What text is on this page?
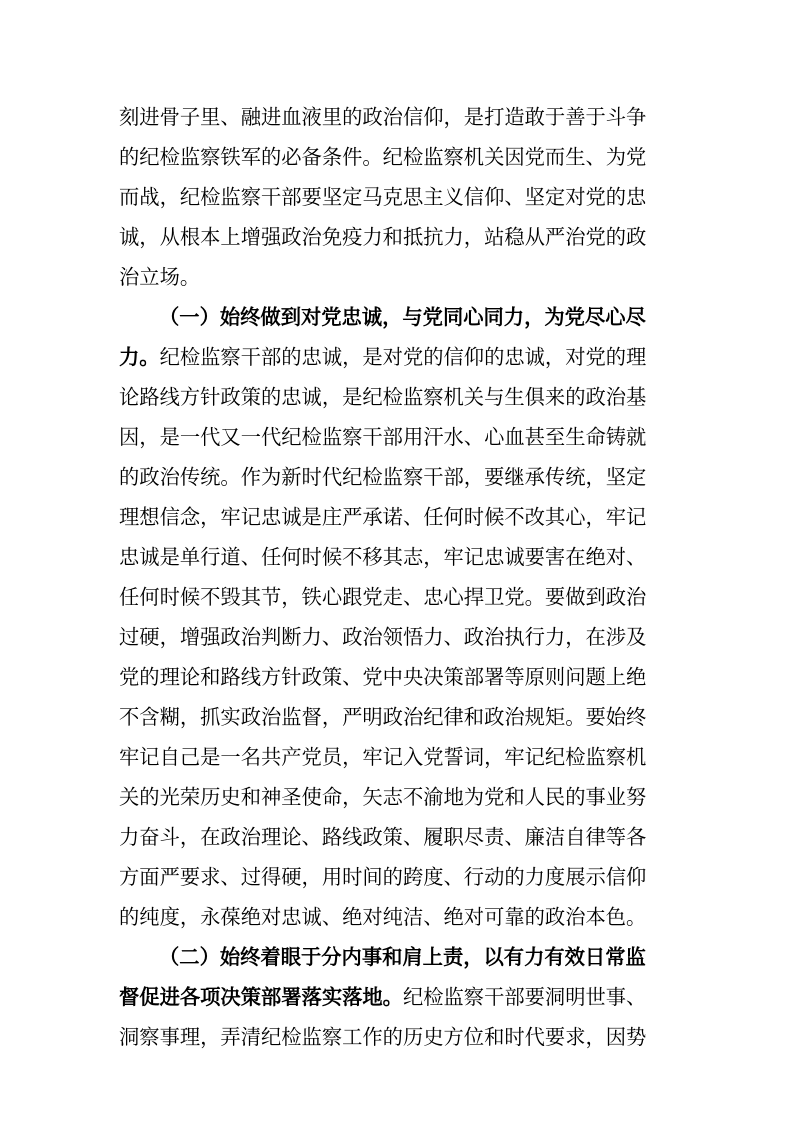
刻进骨子里、融进血液里的政治信仰，是打造敢于善于斗争
的纪检监察铁军的必备条件。纪检监察机关因党而生、为党
而战，纪检监察干部要坚定马克思主义信仰、坚定对党的忠
诚，从根本上增强政治免疫力和抵抗力，站稳从严治党的政
治立场。
（一）始终做到对党忠诚，与党同心同力，为党尽心尽
力。纪检监察干部的忠诚，是对党的信仰的忠诚，对党的理
论路线方针政策的忠诚，是纪检监察机关与生俱来的政治基
因，是一代又一代纪检监察干部用汗水、心血甚至生命铸就
的政治传统。作为新时代纪检监察干部，要继承传统，坚定
理想信念，牢记忠诚是庄严承诺、任何时候不改其心，牢记
忠诚是单行道、任何时候不移其志，牢记忠诚要害在绝对、
任何时候不毁其节，铁心跟党走、忠心捍卫党。要做到政治
过硬，增强政治判断力、政治领悟力、政治执行力，在涉及
党的理论和路线方针政策、党中央决策部署等原则问题上绝
不含糊，抓实政治监督，严明政治纪律和政治规矩。要始终
牢记自己是一名共产党员，牢记入党誓词，牢记纪检监察机
关的光荣历史和神圣使命，矢志不渝地为党和人民的事业努
力奋斗，在政治理论、路线政策、履职尽责、廉洁自律等各
方面严要求、过得硬，用时间的跨度、行动的力度展示信仰
的纯度，永葆绝对忠诚、绝对纯洁、绝对可靠的政治本色。
（二）始终着眼于分内事和肩上责，以有力有效日常监
督促进各项决策部署落实落地。纪检监察干部要洞明世事、
洞察事理，弄清纪检监察工作的历史方位和时代要求，因势
